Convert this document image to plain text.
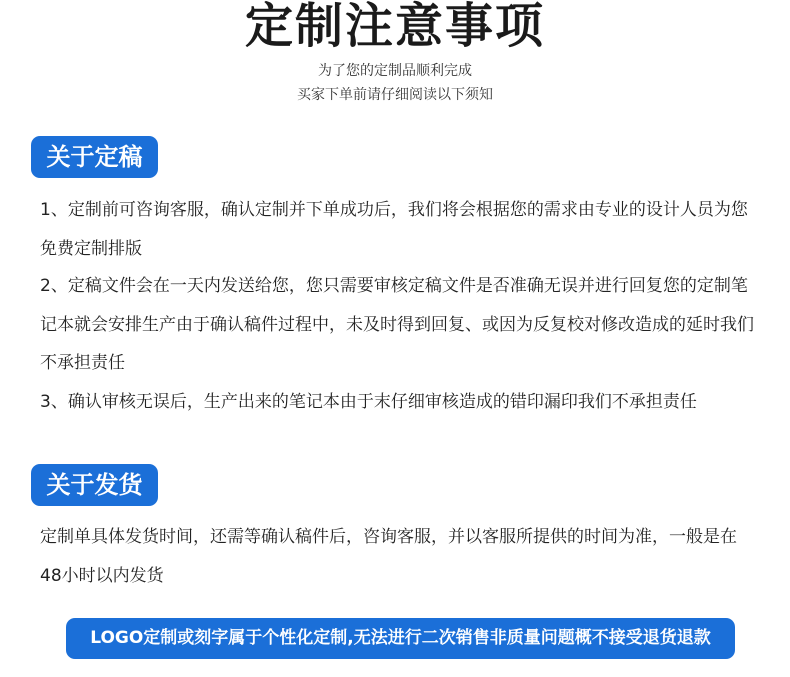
定制注意事项
为了您的定制品顺利完成
买家下单前请仔细阅读以下须知
关于定稿

1、定制前可咨询客服，确认定制并下单成功后，我们将会根据您的需求由专业的设计人员为您免费定制排版

2、定稿文件会在一天内发送给您，您只需要审核定稿文件是否准确无误并进行回复您的定制笔记本就会安排生产由于确认稿件过程中，未及时得到回复、或因为反复校对修改造成的延时我们不承担责任

3、确认审核无误后，生产出来的笔记本由于末仔细审核造成的错印漏印我们不承担责任

关于发货

定制单具体发货时间，还需等确认稿件后，咨询客服，并以客服所提供的时间为准，一般是在48小时以内发货

LOGO定制或刻字属于个性化定制,无法进行二次销售非质量问题概不接受退货退款
